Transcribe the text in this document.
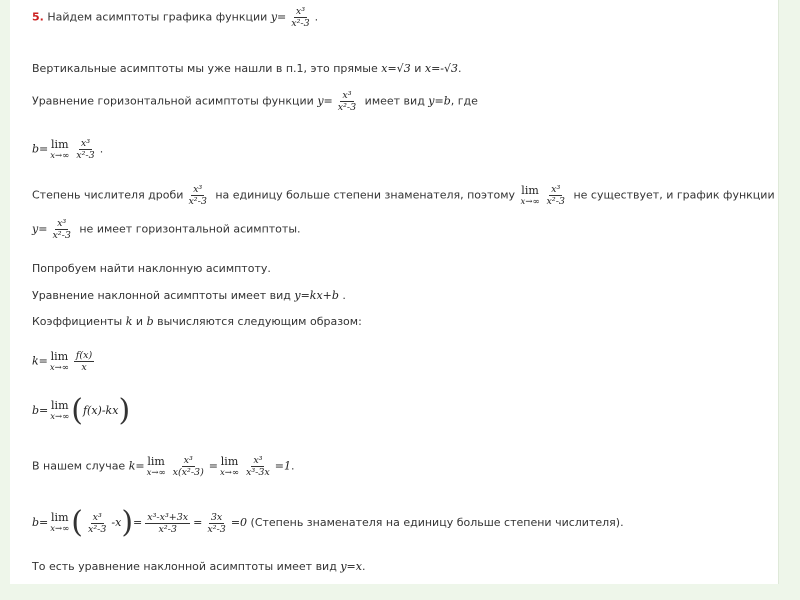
5. Найдем асимптоты графика функции $y= \frac{\text{x³}}{\text{x²-3}}$ .
Вертикальные асимптоты мы уже нашли в п.1, это прямые x=√3 и x=-√3.
Уравнение горизонтальной асимптоты функции $y= \frac{\text{x³}}{\text{x²-3}}$ имеет вид y=b, где
b= lim
$x\to\infty \frac{\text{x³}}{\text{x²-3}}$ .
Степень числителя дроби $\frac{\text{x³}}{\text{x²-3}}$ на единицу больше степени знаменателя, поэтому lim
$x\to\infty \frac{\text{x³}}{\text{x²-3}}$ не существует, и график функции
$y= \frac{\text{x³}}{\text{x²-3}}$ не имеет горизонтальной асимптоты.
Попробуем найти наклонную асимптоту.
Уравнение наклонной асимптоты имеет вид y=kx+b .
Коэффициенты k и b вычисляются следующим образом:
k= lim
$x\to\infty \frac{f(x)}{x}$
b= lim
x→∞ (f(x)-kx)
В нашем случае k= lim
$x\to\infty \frac{\text{x³}}{\text{x(x²-3)}} = \lim$
$x\to\infty \frac{\text{x³}}{\text{x³-3x}} =1$.
b= lim
x→∞ ( $\frac{\text{x³}}{\text{x²-3}} -x)= \frac{\text{x³-x³+3x}}{\text{x²-3}} = \frac{3x}{\text{x²-3}} =0$ (Степень знаменателя на единицу больше степени числителя).
То есть уравнение наклонной асимптоты имеет вид y=x.
